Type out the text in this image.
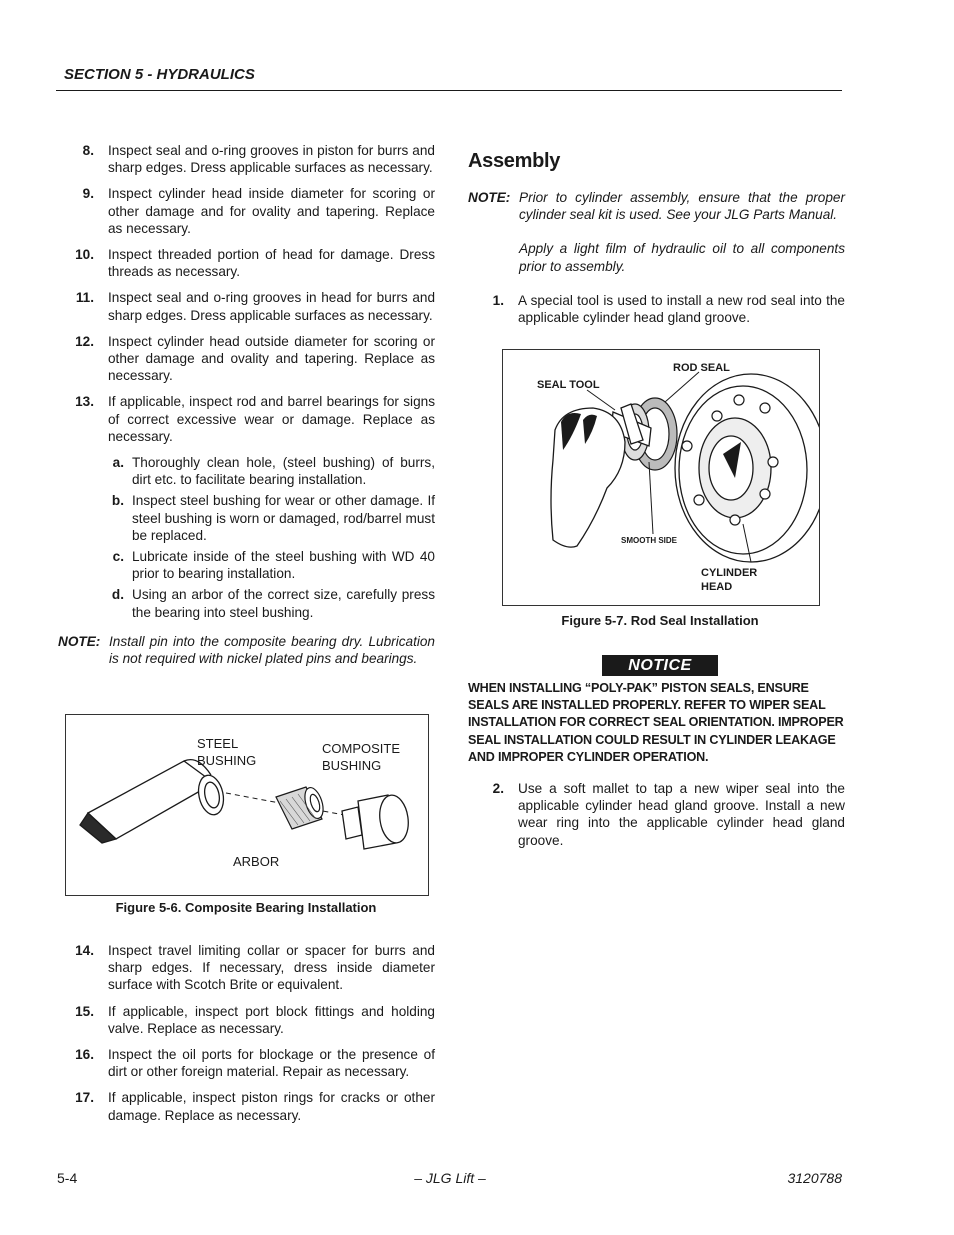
SECTION 5 - HYDRAULICS
8. Inspect seal and o-ring grooves in piston for burrs and sharp edges. Dress applicable surfaces as necessary.
9. Inspect cylinder head inside diameter for scoring or other damage and for ovality and tapering. Replace as necessary.
10. Inspect threaded portion of head for damage. Dress threads as necessary.
11. Inspect seal and o-ring grooves in head for burrs and sharp edges. Dress applicable surfaces as necessary.
12. Inspect cylinder head outside diameter for scoring or other damage and ovality and tapering. Replace as necessary.
13. If applicable, inspect rod and barrel bearings for signs of correct excessive wear or damage. Replace as necessary.
a. Thoroughly clean hole, (steel bushing) of burrs, dirt etc. to facilitate bearing installation.
b. Inspect steel bushing for wear or other damage. If steel bushing is worn or damaged, rod/barrel must be replaced.
c. Lubricate inside of the steel bushing with WD 40 prior to bearing installation.
d. Using an arbor of the correct size, carefully press the bearing into steel bushing.
NOTE: Install pin into the composite bearing dry. Lubrication is not required with nickel plated pins and bearings.
STEEL
BUSHING
COMPOSITE
BUSHING
ARBOR
Figure 5-6. Composite Bearing Installation
14. Inspect travel limiting collar or spacer for burrs and sharp edges. If necessary, dress inside diameter surface with Scotch Brite or equivalent.
15. If applicable, inspect port block fittings and holding valve. Replace as necessary.
16. Inspect the oil ports for blockage or the presence of dirt or other foreign material. Repair as necessary.
17. If applicable, inspect piston rings for cracks or other damage. Replace as necessary.
Assembly
NOTE: Prior to cylinder assembly, ensure that the proper cylinder seal kit is used. See your JLG Parts Manual.

Apply a light film of hydraulic oil to all components prior to assembly.

1. A special tool is used to install a new rod seal into the applicable cylinder head gland groove.
SEAL TOOL
ROD SEAL
SMOOTH SIDE
CYLINDER
HEAD
Figure 5-7. Rod Seal Installation
NOTICE
WHEN INSTALLING “POLY-PAK” PISTON SEALS, ENSURE SEALS ARE INSTALLED PROPERLY. REFER TO WIPER SEAL INSTALLATION FOR CORRECT SEAL ORIENTATION. IMPROPER SEAL INSTALLATION COULD RESULT IN CYLINDER LEAKAGE AND IMPROPER CYLINDER OPERATION.
2. Use a soft mallet to tap a new wiper seal into the applicable cylinder head gland groove. Install a new wear ring into the applicable cylinder head gland groove.
5-4	– JLG Lift –	3120788
